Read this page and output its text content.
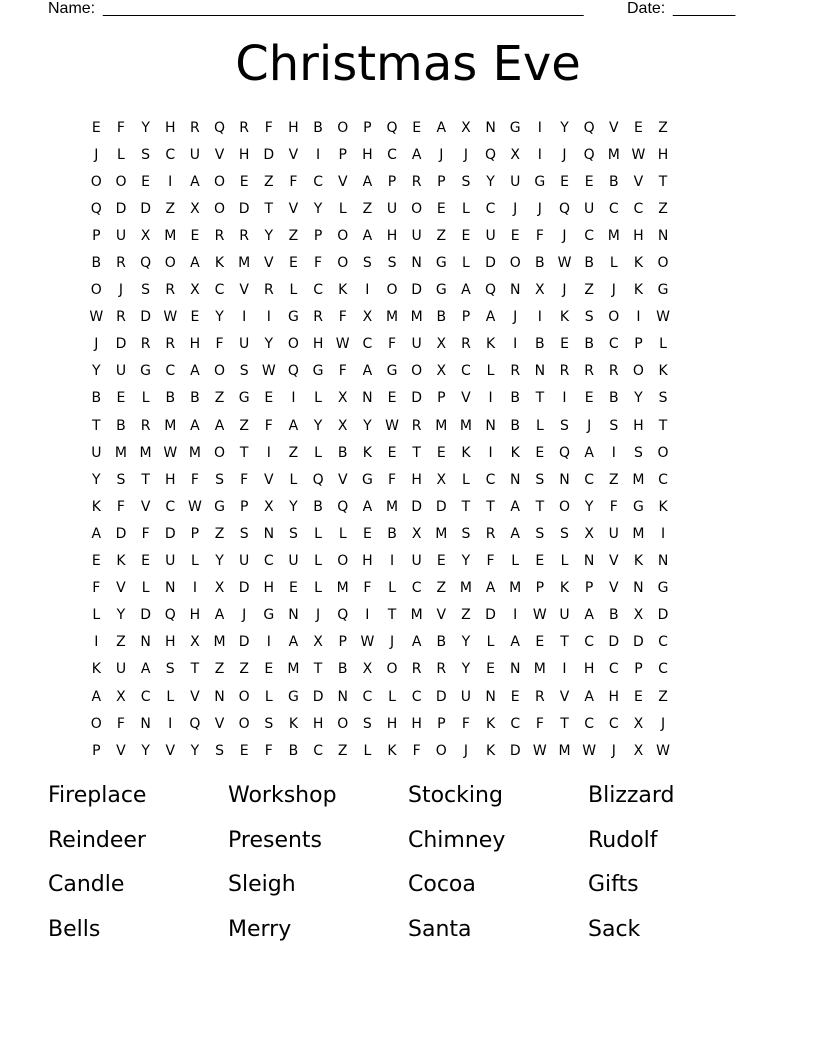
Name: ______________________________________________________	Date: _______
Christmas Eve
E	F	Y	H	R	Q	R	F	H	B	O	P	Q	E	A	X	N G	I	Y	Q	V	E	Z
J	L	S	C	U	V	H D	V	I	P	H	C	A	J	J	Q	X	I	J	Q M W H
O O	E	I	A	O	E	Z	F	C	V	A	P	R	P	S	Y	U	G	E	E	B	V	T
Q D D	Z	X	O D	T	V	Y	L	Z	U	O	E	L	C	J	J	Q	U	C	C	Z
P	U	X M	E	R	R	Y	Z	P	O	A	H	U	Z	E	U	E	F	J	C M H	N
B	R	Q O	A	K	M V	E	F	O	S	S	N G	L	D O	B W B	L	K	O
O	J	S	R	X	C	V	R	L	C	K	I	O D G	A	Q N	X	J	Z	J	K	G
W R	D W E	Y	I	I	G	R	F	X M M B	P	A	J	I	K	S	O	I	W
J	D	R	R	H	F	U	Y	O H W C	F	U	X	R	K	I	B	E	B	C	P	L
Y	U	G	C	A	O	S W Q G	F	A	G O	X	C	L	R	N	R	R	R	O	K
B	E	L	B	B	Z	G	E	I	L	X	N	E	D	P	V	I	B	T	I	E	B	Y	S
T	B	R M A	A	Z	F	A	Y	X	Y W R M M N	B	L	S	J	S	H	T
U M M W M O	T	I	Z	L	B	K	E	T	E	K	I	K	E	Q	A	I	S	O
Y	S	T	H	F	S	F	V	L	Q	V	G	F	H	X	L	C	N	S	N	C	Z M C
K	F	V	C W G	P	X	Y	B	Q	A M D D	T	T	A	T	O	Y	F	G	K
A	D	F	D	P	Z	S	N	S	L	L	E	B	X M	S	R	A	S	S	X	U M	I
E	K	E	U	L	Y	U	C	U	L	O H	I	U	E	Y	F	L	E	L	N	V	K	N
F	V	L	N	I	X	D H	E	L	M	F	L	C	Z M A M	P	K	P	V	N G
L	Y	D Q H	A	J	G N	J	Q	I	T	M V	Z	D	I	W U	A	B	X	D
I	Z	N	H	X M D	I	A	X	P W	J	A	B	Y	L	A	E	T	C	D D	C
K	U	A	S	T	Z	Z	E	M	T	B	X	O	R	R	Y	E	N M	I	H	C	P	C
A	X	C	L	V	N O	L	G D	N	C	L	C	D	U	N	E	R	V	A	H	E	Z
O	F	N	I	Q	V	O	S	K	H O	S	H	H	P	F	K	C	F	T	C	C	X	J
P	V	Y	V	Y	S	E	F	B	C	Z	L	K	F	O	J	K	D W M W	J	X W
Fireplace	Workshop	Stocking	Blizzard
Reindeer	Presents	Chimney	Rudolf
Candle	Sleigh	Cocoa	Gifts
Bells	Merry	Santa	Sack
